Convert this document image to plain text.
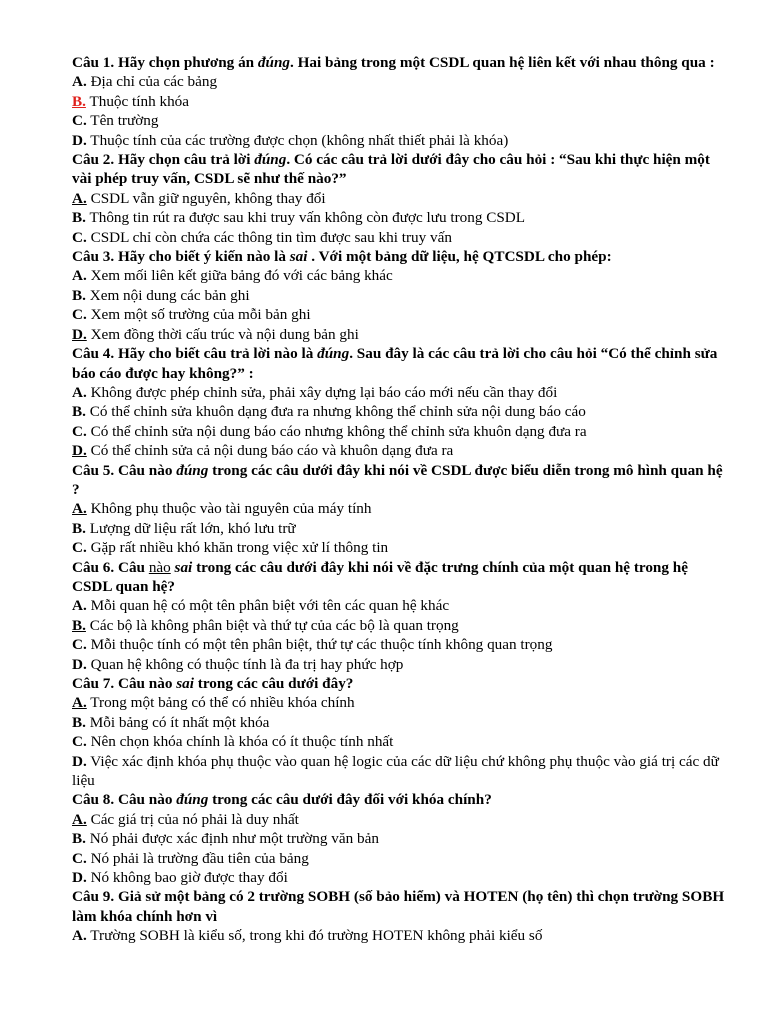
Câu 1. Hãy chọn phương án đúng. Hai bảng trong một CSDL quan hệ liên kết với nhau thông qua :
A. Địa chỉ của các bảng
B. Thuộc tính khóa
C. Tên trường
D. Thuộc tính của các trường được chọn (không nhất thiết phải là khóa)
Câu 2. Hãy chọn câu trả lời đúng. Có các câu trả lời dưới đây cho câu hỏi : “Sau khi thực hiện một vài phép truy vấn, CSDL sẽ như thế nào?”
A. CSDL vẫn giữ nguyên, không thay đổi
B. Thông tin rút ra được sau khi truy vấn không còn được lưu trong CSDL
C. CSDL chỉ còn chứa các thông tin tìm được sau khi truy vấn
Câu 3. Hãy cho biết ý kiến nào là sai . Với một bảng dữ liệu, hệ QTCSDL cho phép:
A. Xem mối liên kết giữa bảng đó với các bảng khác
B. Xem nội dung các bản ghi
C. Xem một số trường của mỗi bản ghi
D. Xem đồng thời cấu trúc và nội dung bản ghi
Câu 4. Hãy cho biết câu trả lời nào là đúng. Sau đây là các câu trả lời cho câu hỏi “Có thể chỉnh sửa báo cáo được hay không?” :
A. Không được phép chỉnh sửa, phải xây dựng lại báo cáo mới nếu cần thay đổi
B. Có thể chỉnh sửa khuôn dạng đưa ra nhưng không thể chỉnh sửa nội dung báo cáo
C. Có thể chỉnh sửa nội dung báo cáo nhưng không thể chỉnh sửa khuôn dạng đưa ra
D. Có thể chỉnh sửa cả nội dung báo cáo và khuôn dạng đưa ra
Câu 5. Câu nào đúng trong các câu dưới đây khi nói về CSDL được biểu diễn trong mô hình quan hệ ?
A. Không phụ thuộc vào tài nguyên của máy tính
B. Lượng dữ liệu rất lớn, khó lưu trữ
C. Gặp rất nhiều khó khăn trong việc xử lí thông tin
Câu 6. Câu nào sai trong các câu dưới đây khi nói về đặc trưng chính của một quan hệ trong hệ CSDL quan hệ?
A. Mỗi quan hệ có một tên phân biệt với tên các quan hệ khác
B. Các bộ là không phân biệt và thứ tự của các bộ là quan trọng
C. Mỗi thuộc tính có một tên phân biệt, thứ tự các thuộc tính không quan trọng
D. Quan hệ không có thuộc tính là đa trị hay phức hợp
Câu 7. Câu nào sai trong các câu dưới đây?
A. Trong một bảng có thể có nhiều khóa chính
B. Mỗi bảng có ít nhất một khóa
C. Nên chọn khóa chính là khóa có ít thuộc tính nhất
D. Việc xác định khóa phụ thuộc vào quan hệ logic của các dữ liệu chứ không phụ thuộc vào giá trị các dữ liệu
Câu 8. Câu nào đúng trong các câu dưới đây đối với khóa chính?
A. Các giá trị của nó phải là duy nhất
B. Nó phải được xác định như một trường văn bản
C. Nó phải là trường đầu tiên của bảng
D. Nó không bao giờ được thay đổi
Câu 9. Giả sử một bảng có 2 trường SOBH (số bảo hiểm) và HOTEN (họ tên) thì chọn trường SOBH làm khóa chính hơn vì
A. Trường SOBH là kiểu số, trong khi đó trường HOTEN không phải kiểu số
